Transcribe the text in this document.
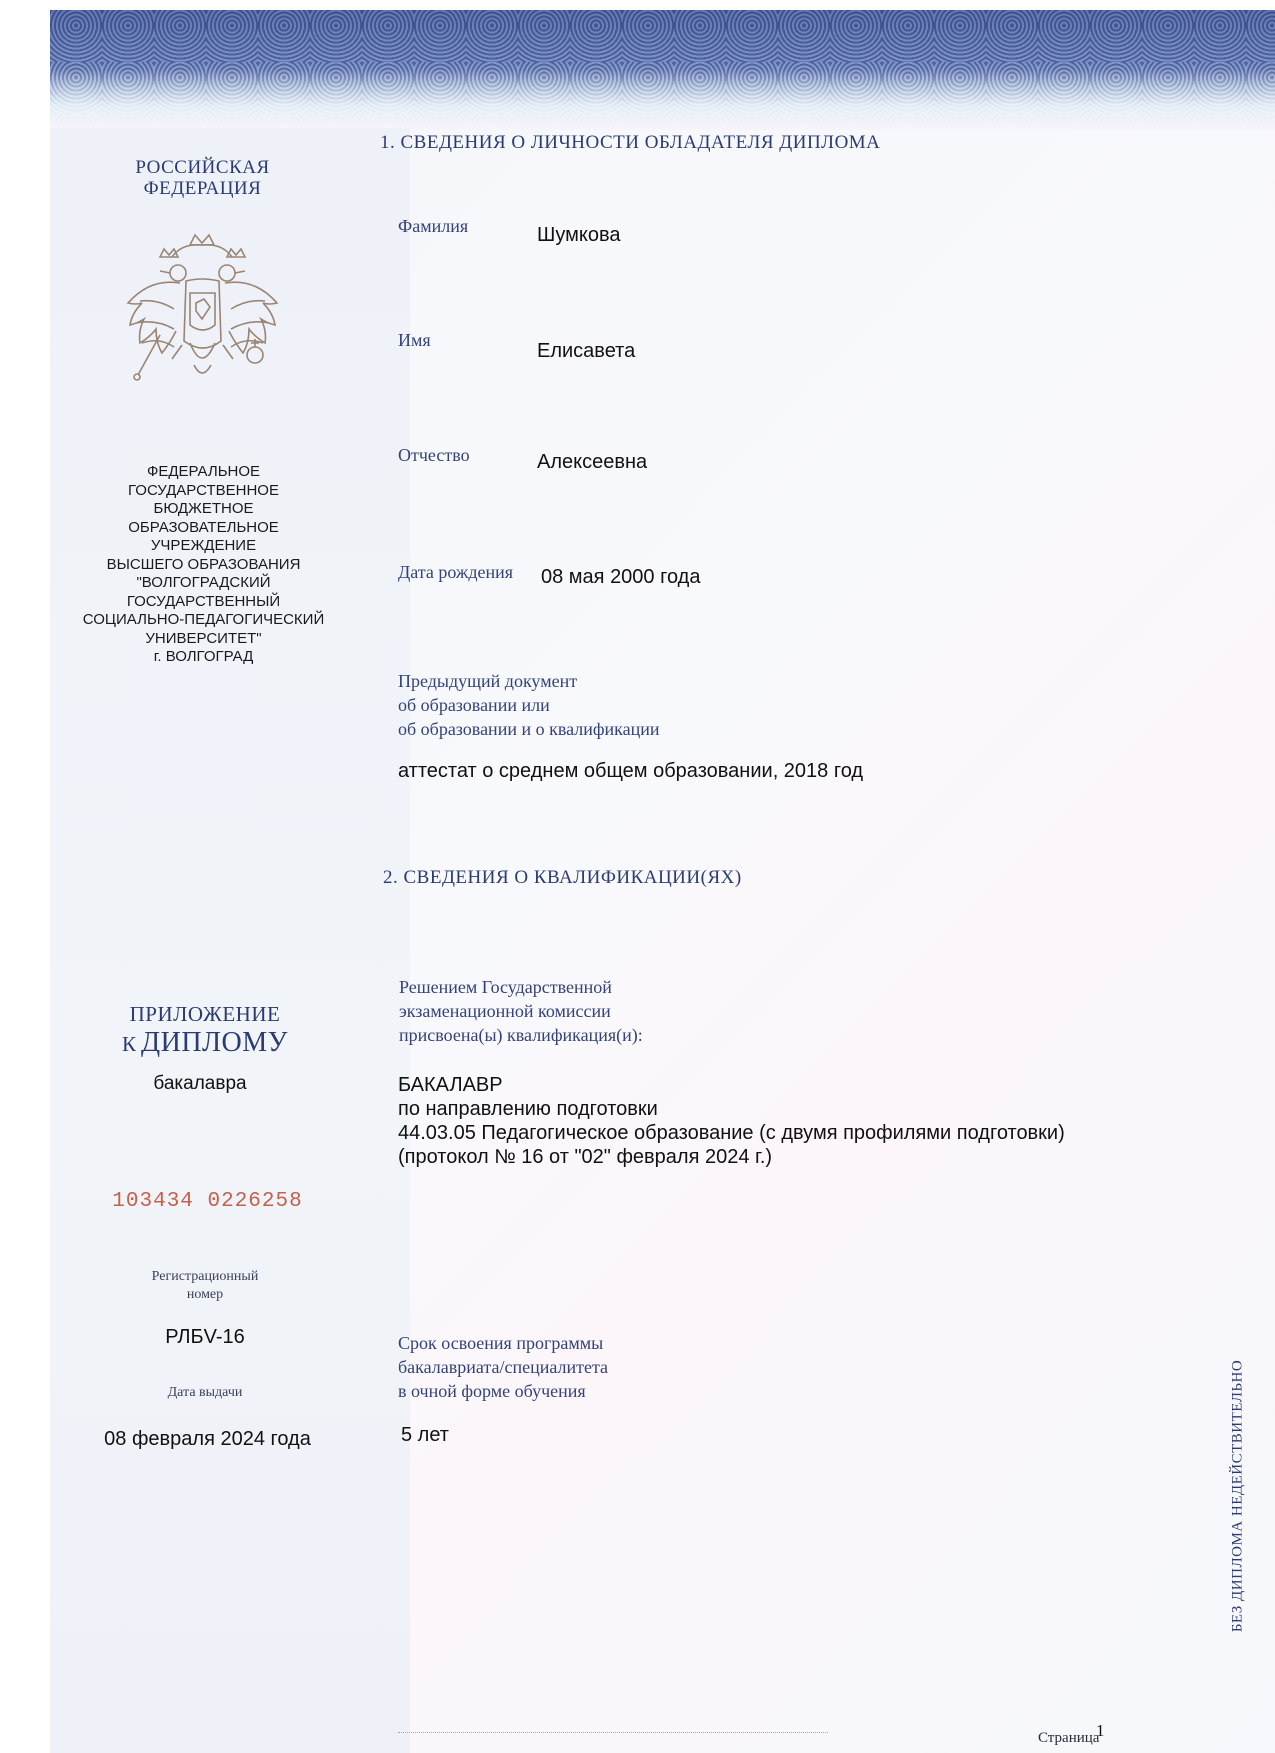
РОССИЙСКАЯ
ФЕДЕРАЦИЯ
ФЕДЕРАЛЬНОЕ
ГОСУДАРСТВЕННОЕ БЮДЖЕТНОЕ
ОБРАЗОВАТЕЛЬНОЕ УЧРЕЖДЕНИЕ
ВЫСШЕГО ОБРАЗОВАНИЯ
"ВОЛГОГРАДСКИЙ
ГОСУДАРСТВЕННЫЙ
СОЦИАЛЬНО-ПЕДАГОГИЧЕСКИЙ
УНИВЕРСИТЕТ"
г. ВОЛГОГРАД
ПРИЛОЖЕНИЕ
К ДИПЛОМУ
бакалавра
103434 0226258
Регистрационный
номер
РЛБV-16
Дата выдачи
08 февраля 2024 года
1. СВЕДЕНИЯ О ЛИЧНОСТИ ОБЛАДАТЕЛЯ ДИПЛОМА
Фамилия	Шумкова
Имя	Елисавета
Отчество	Алексеевна
Дата рождения 08 мая 2000 года
Предыдущий документ
об образовании или
об образовании и о квалификации
аттестат о среднем общем образовании, 2018 год
2. СВЕДЕНИЯ О КВАЛИФИКАЦИИ(ЯХ)
Решением Государственной
экзаменационной комиссии
присвоена(ы) квалификация(и):
БАКАЛАВР
по направлению подготовки
44.03.05 Педагогическое образование (с двумя профилями подготовки)
(протокол № 16 от "02" февраля 2024 г.)
Срок освоения программы
бакалавриата/специалитета
в очной форме обучения
5 лет	БЕЗ ДИПЛОМА НЕДЕЙСТВИТЕЛЬНО
Страница
1
